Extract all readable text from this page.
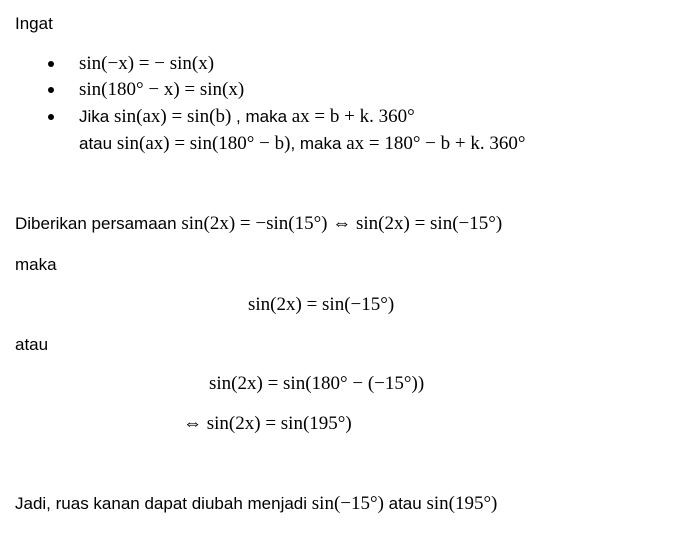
Ingat
sin(−x) = − sin(x)
sin(180° − x) = sin(x)
Jika sin(ax) = sin(b) , maka ax = b + k. 360°
atau sin(ax) = sin(180° − b), maka ax = 180° − b + k. 360°
Diberikan persamaan sin(2x) = −sin(15°) ⇔ sin(2x) = sin(−15°)
maka
sin(2x) = sin(−15°)
atau
sin(2x) = sin(180° − (−15°))
⇔ sin(2x) = sin(195°)
Jadi, ruas kanan dapat diubah menjadi sin(−15°) atau sin(195°)
